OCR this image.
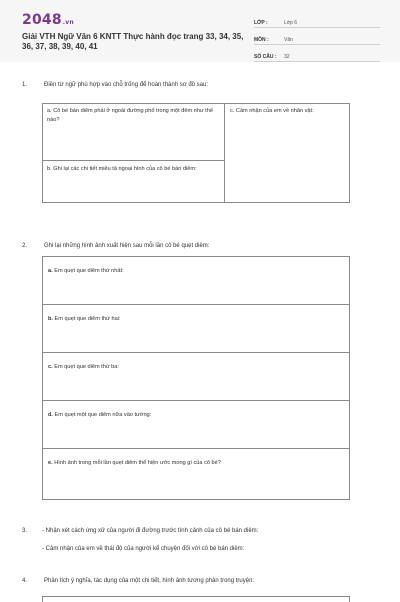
2048.vn
Giải VTH Ngữ Văn 6 KNTT Thực hành đọc trang 33, 34, 35, 36, 37, 38, 39, 40, 41
LỚP :	Lớp 6
MÔN :	Văn
SỐ CÂU :	32
1.	Điền từ ngữ phù hợp vào chỗ trống để hoàn thành sơ đồ sau:
a. Cô bé bán diêm phải ở ngoài đường phố trong một đêm như thế nào?
b. Ghi lại các chi tiết miêu tả ngoại hình của cô bé bán diêm:
c. Cảm nhận của em về nhân vật:
2.	Ghi lại những hình ảnh xuất hiện sau mỗi lần cô bé quẹt diêm:
a. Em quẹt que diêm thứ nhất:
b. Em quẹt que diêm thứ hai:
c. Em quẹt que diêm thứ ba:
d. Em quẹt một que diêm nữa vào tường:
e. Hình ảnh trong mỗi lần quẹt diêm thể hiện ước mong gì của cô bé?
3. - Nhận xét cách ứng xử của người đi đường trước tình cảnh của cô bé bán diêm:
- Cảm nhận của em về thái độ của người kể chuyện đối với cô bé bán diêm:
4.	Phân tích ý nghĩa, tác dụng của một chi tiết, hình ảnh tương phản trong truyện:
